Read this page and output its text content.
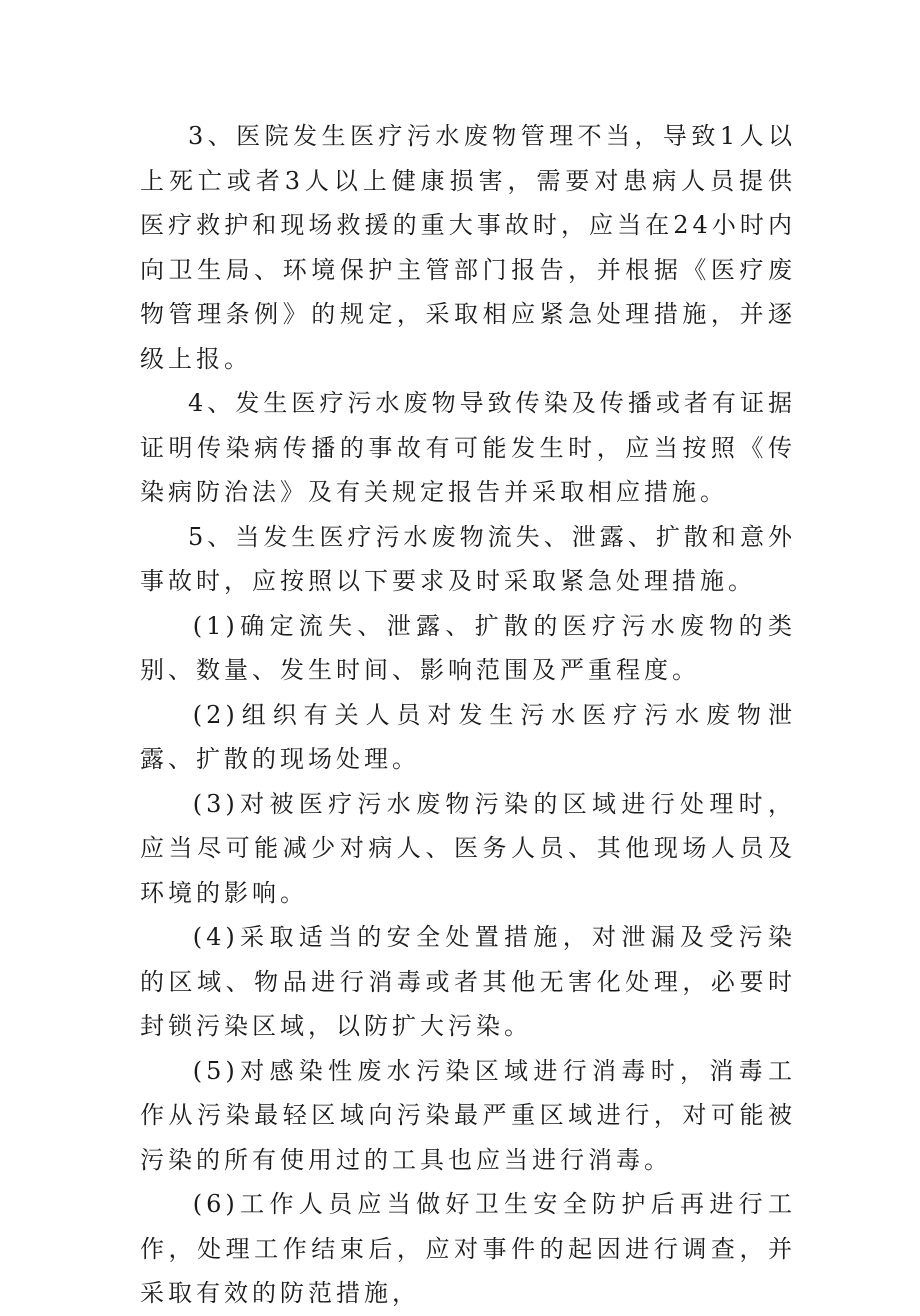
3、医院发生医疗污水废物管理不当，导致1人以上死亡或者3人以上健康损害，需要对患病人员提供医疗救护和现场救援的重大事故时，应当在24小时内向卫生局、环境保护主管部门报告，并根据《医疗废物管理条例》的规定，采取相应紧急处理措施，并逐级上报。

4、发生医疗污水废物导致传染及传播或者有证据证明传染病传播的事故有可能发生时，应当按照《传染病防治法》及有关规定报告并采取相应措施。

5、当发生医疗污水废物流失、泄露、扩散和意外事故时，应按照以下要求及时采取紧急处理措施。

(1)确定流失、泄露、扩散的医疗污水废物的类别、数量、发生时间、影响范围及严重程度。

(2)组织有关人员对发生污水医疗污水废物泄露、扩散的现场处理。

(3)对被医疗污水废物污染的区域进行处理时，应当尽可能减少对病人、医务人员、其他现场人员及环境的影响。

(4)采取适当的安全处置措施，对泄漏及受污染的区域、物品进行消毒或者其他无害化处理，必要时封锁污染区域，以防扩大污染。

(5)对感染性废水污染区域进行消毒时，消毒工作从污染最轻区域向污染最严重区域进行，对可能被污染的所有使用过的工具也应当进行消毒。

(6)工作人员应当做好卫生安全防护后再进行工作，处理工作结束后，应对事件的起因进行调查，并采取有效的防范措施，
